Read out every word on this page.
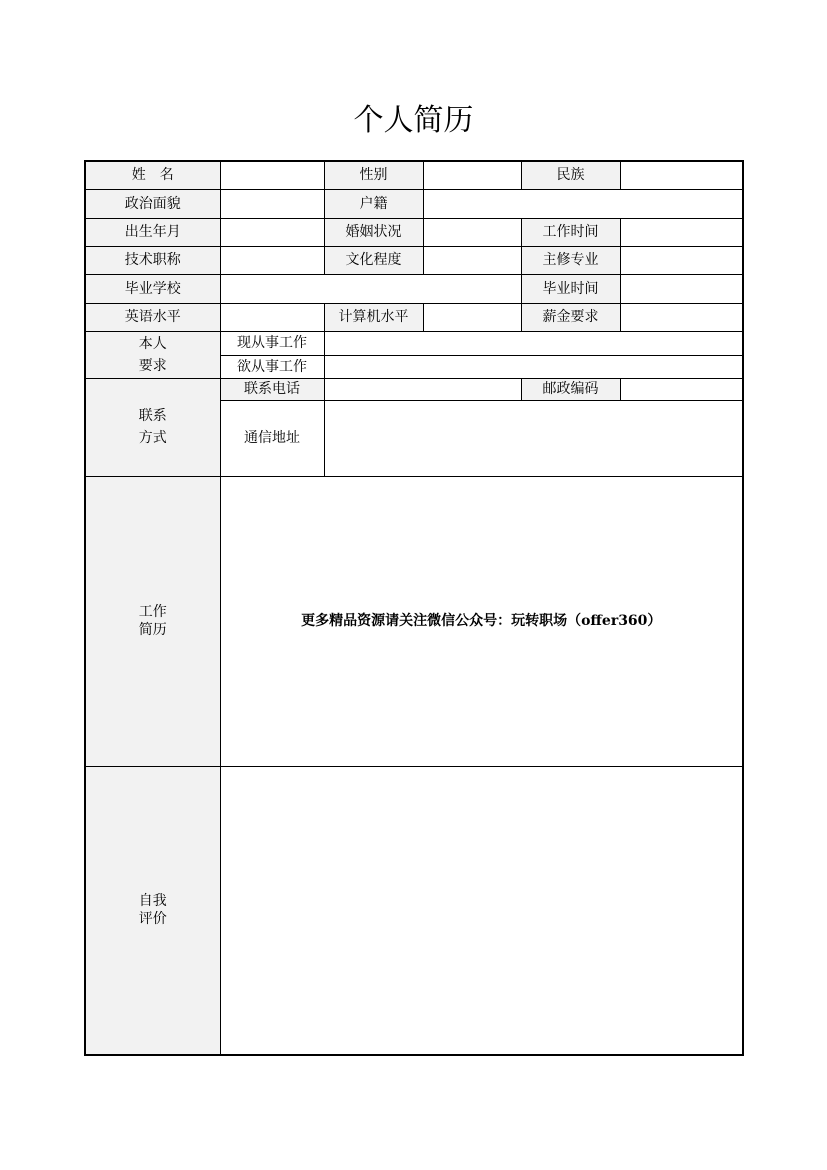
个人简历
姓　名		性别		民族	
政治面貌		户籍			
出生年月		婚姻状况		工作时间	
技术职称		文化程度		主修专业	
毕业学校				毕业时间	
英语水平		计算机水平		薪金要求	

本人
要求	现从事工作				
	欲从事工作				

联系
方式	联系电话			邮政编码	
	通信地址				

工作
简历	更多精品资源请关注微信公众号：玩转职场（offer360）				

自我
评价					
